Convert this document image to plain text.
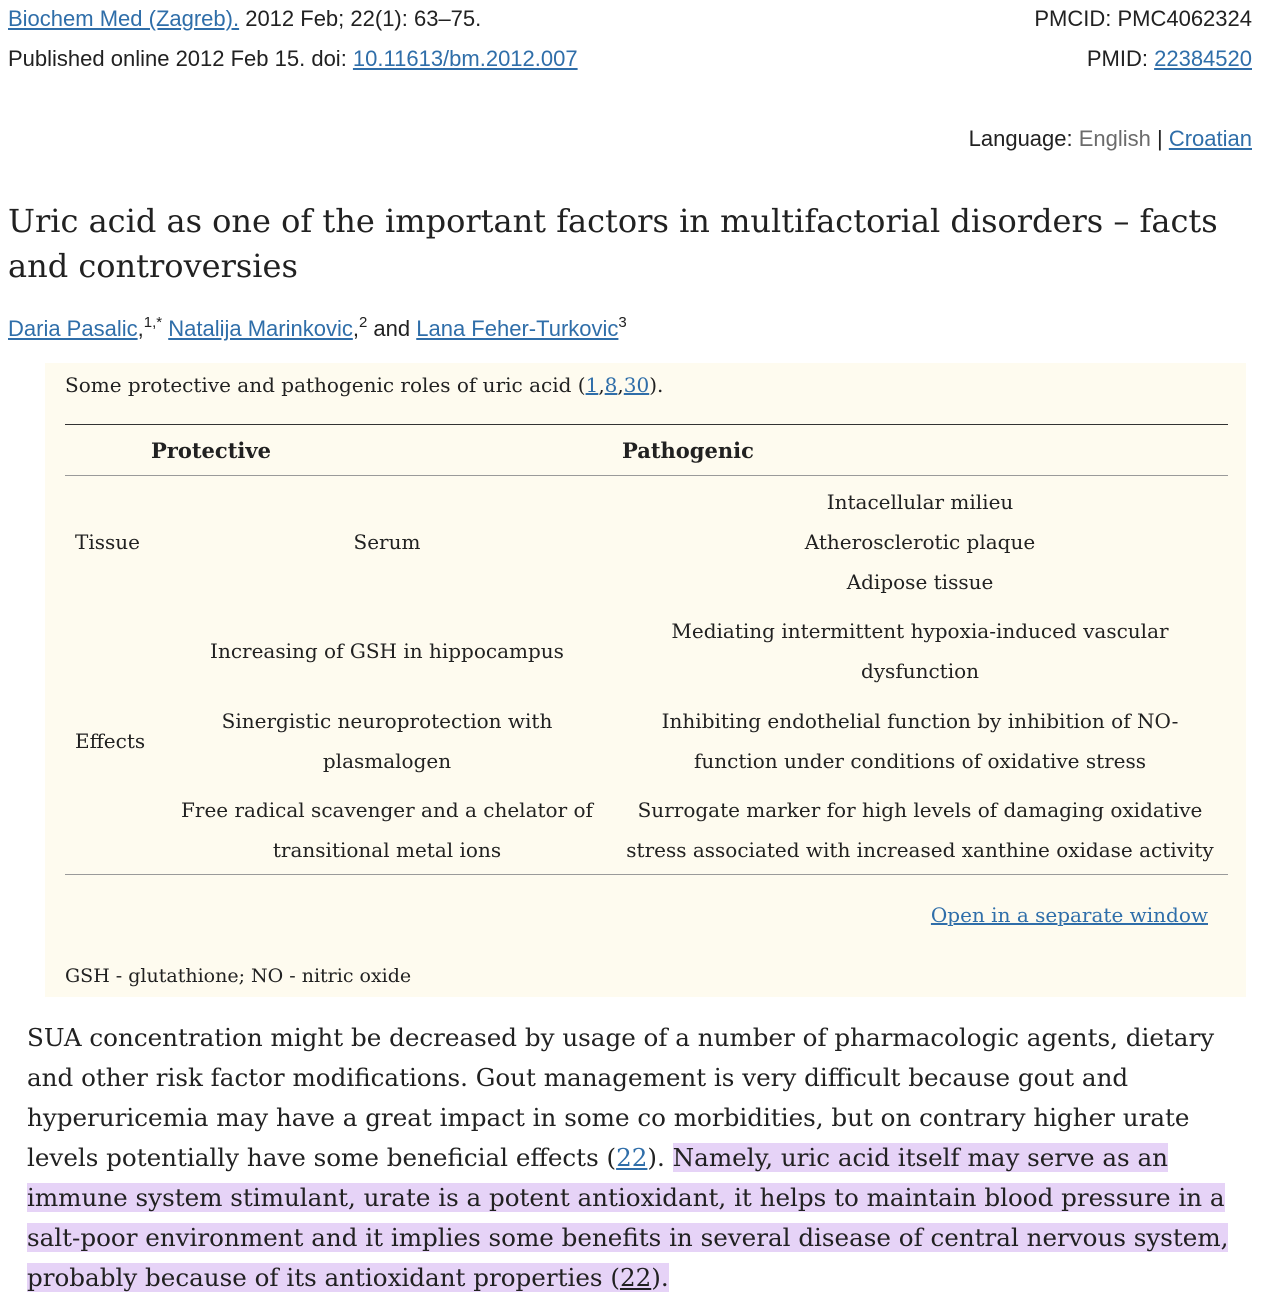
Biochem Med (Zagreb). 2012 Feb; 22(1): 63–75.
Published online 2012 Feb 15. doi: 10.11613/bm.2012.007
PMCID: PMC4062324
PMID: 22384520
Language: English | Croatian
Uric acid as one of the important factors in multifactorial disorders – facts and controversies
Daria Pasalic,$^{1,*}$ Natalija Marinkovic,$^2$ and Lana Feher-Turkovic$^3$
Some protective and pathogenic roles of uric acid (1,8,30).
Protective	Pathogenic
Tissue	Serum
Intacellular milieu
Atherosclerotic plaque
Adipose tissue
Effects
Increasing of GSH in hippocampus
Mediating intermittent hypoxia-induced vascular
dysfunction
Sinergistic neuroprotection with
plasmalogen
Inhibiting endothelial function by inhibition of NO-
function under conditions of oxidative stress
Free radical scavenger and a chelator of
transitional metal ions
Surrogate marker for high levels of damaging oxidative
stress associated with increased xanthine oxidase activity
Open in a separate window
GSH - glutathione; NO - nitric oxide
SUA concentration might be decreased by usage of a number of pharmacologic agents, dietary and other risk factor modifications. Gout management is very difficult because gout and hyperuricemia may have a great impact in some co morbidities, but on contrary higher urate levels potentially have some beneficial effects (22). Namely, uric acid itself may serve as an immune system stimulant, urate is a potent antioxidant, it helps to maintain blood pressure in a salt-poor environment and it implies some benefits in several disease of central nervous system, probably because of its antioxidant properties (22).
